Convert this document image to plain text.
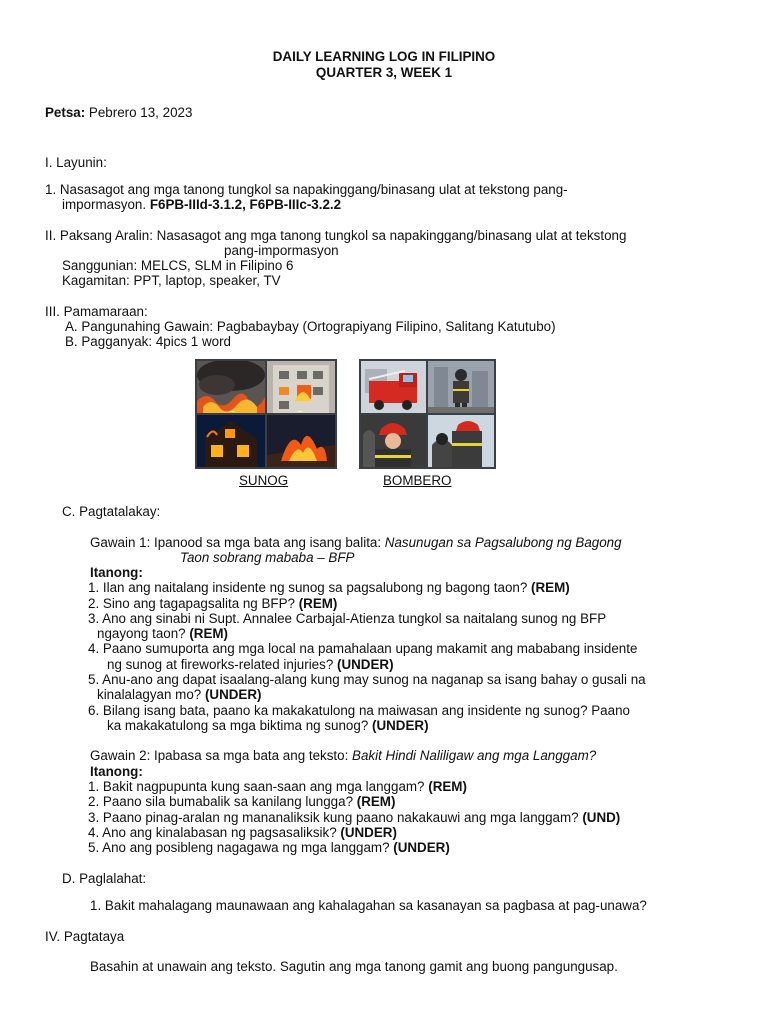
DAILY LEARNING LOG IN FILIPINO
QUARTER 3, WEEK 1
Petsa: Pebrero 13, 2023
I. Layunin:
1. Nasasagot ang mga tanong tungkol sa napakinggang/binasang ulat at tekstong pang-
impormasyon. F6PB-IIId-3.1.2, F6PB-IIIc-3.2.2
II. Paksang Aralin: Nasasagot ang mga tanong tungkol sa napakinggang/binasang ulat at tekstong
pang-impormasyon
Sanggunian: MELCS, SLM in Filipino 6
Kagamitan: PPT, laptop, speaker, TV
III. Pamamaraan:
A. Pangunahing Gawain: Pagbabaybay (Ortograpiyang Filipino, Salitang Katutubo)
B. Pagganyak: 4pics 1 word
~	~
SUNOG	BOMBERO
C. Pagtatalakay:
Gawain 1: Ipanood sa mga bata ang isang balita: Nasunugan sa Pagsalubong ng Bagong
Taon sobrang mababa – BFP
Itanong:
1. Ilan ang naitalang insidente ng sunog sa pagsalubong ng bagong taon? (REM)
2. Sino ang tagapagsalita ng BFP? (REM)
3. Ano ang sinabi ni Supt. Annalee Carbajal-Atienza tungkol sa naitalang sunog ng BFP
ngayong taon? (REM)
4. Paano sumuporta ang mga local na pamahalaan upang makamit ang mababang insidente
ng sunog at fireworks-related injuries? (UNDER)
5. Anu-ano ang dapat isaalang-alang kung may sunog na naganap sa isang bahay o gusali na
kinalalagyan mo? (UNDER)
6. Bilang isang bata, paano ka makakatulong na maiwasan ang insidente ng sunog? Paano
ka makakatulong sa mga biktima ng sunog? (UNDER)
Gawain 2: Ipabasa sa mga bata ang teksto: Bakit Hindi Naliligaw ang mga Langgam?
Itanong:
1. Bakit nagpupunta kung saan-saan ang mga langgam? (REM)
2. Paano sila bumabalik sa kanilang lungga? (REM)
3. Paano pinag-aralan ng mananaliksik kung paano nakakauwi ang mga langgam? (UND)
4. Ano ang kinalabasan ng pagsasaliksik? (UNDER)
5. Ano ang posibleng nagagawa ng mga langgam? (UNDER)
D. Paglalahat:
1. Bakit mahalagang maunawaan ang kahalagahan sa kasanayan sa pagbasa at pag-unawa?
IV. Pagtataya
Basahin at unawain ang teksto. Sagutin ang mga tanong gamit ang buong pangungusap.
